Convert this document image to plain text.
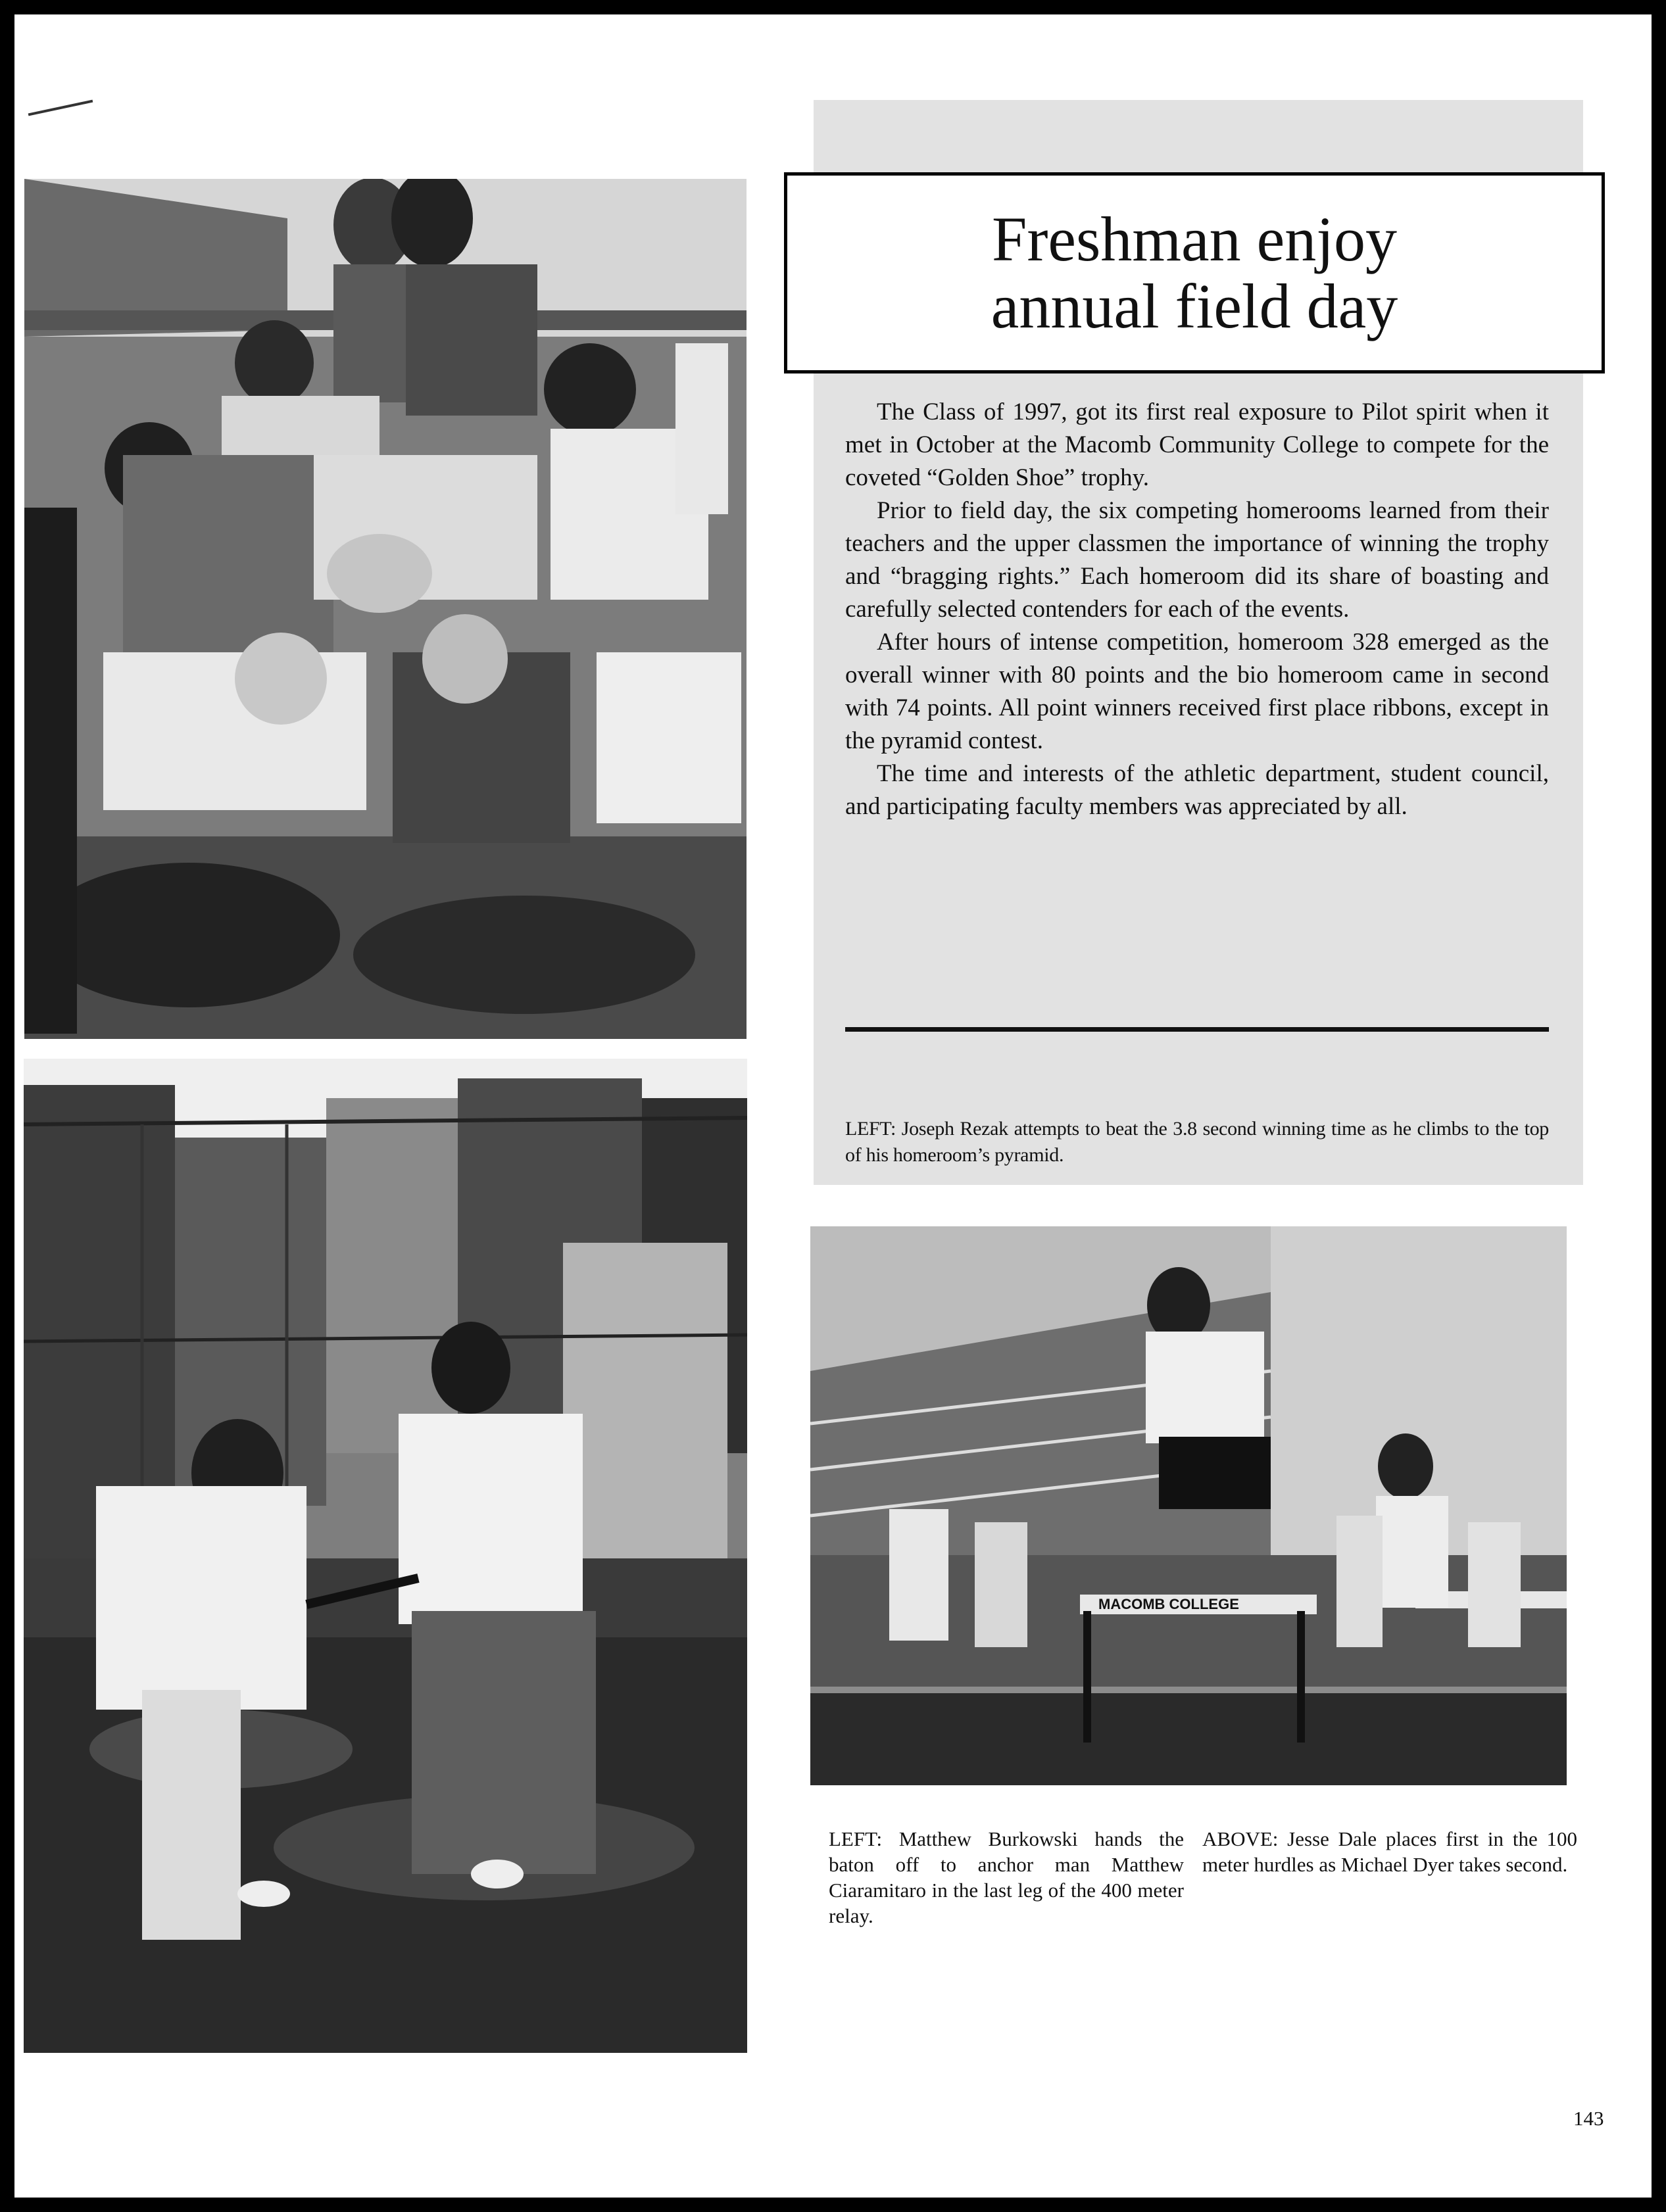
Freshman enjoy
annual field day

The Class of 1997, got its first real exposure to Pilot spirit when it met in October at the Macomb Community College to compete for the coveted “Golden Shoe” trophy.

Prior to field day, the six competing homerooms learned from their teachers and the upper classmen the importance of winning the trophy and “bragging rights.” Each homeroom did its share of boasting and carefully selected contenders for each of the events.

After hours of intense competition, homeroom 328 emerged as the overall winner with 80 points and the bio homeroom came in second with 74 points. All point winners received first place ribbons, except in the pyramid contest.

The time and interests of the athletic department, student council, and participating faculty members was appreciated by all.

LEFT: Joseph Rezak attempts to beat the 3.8 second winning time as he climbs to the top of his homeroom’s pyramid.
MACOMB COLLEGE
LEFT: Matthew Burkowski hands the baton off to anchor man Matthew Ciaramitaro in the last leg of the 400 meter relay.
ABOVE: Jesse Dale places first in the 100 meter hurdles as Michael Dyer takes second.
143
